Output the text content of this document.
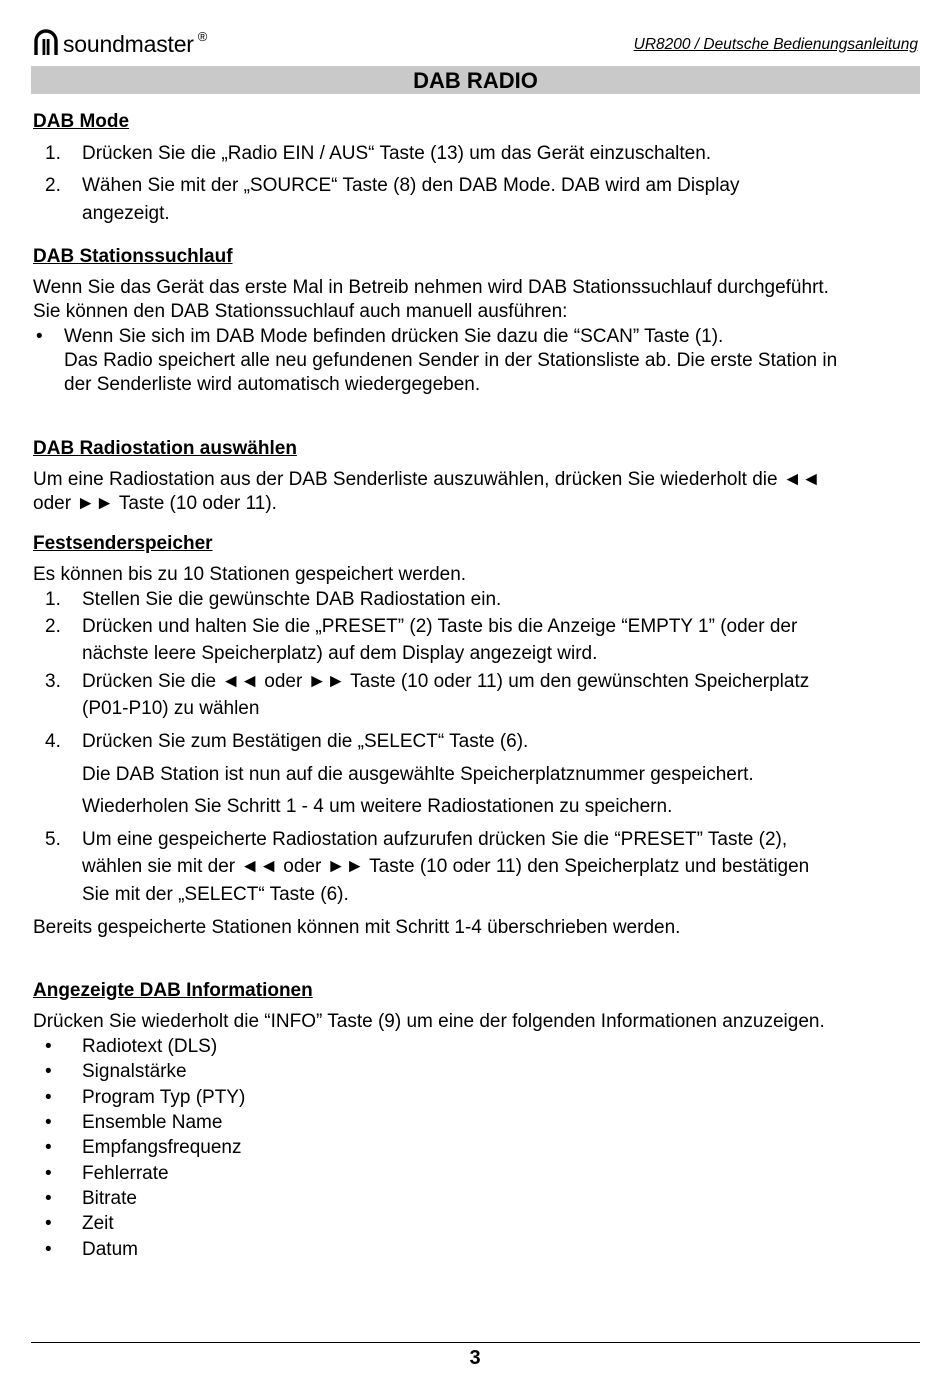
soundmaster ®	UR8200 / Deutsche Bedienungsanleitung
DAB RADIO
DAB Mode
1. Drücken Sie die „Radio EIN / AUS“ Taste (13) um das Gerät einzuschalten.
2. Wähen Sie mit der „SOURCE“ Taste (8) den DAB Mode. DAB wird am Display
angezeigt.
DAB Stationssuchlauf
Wenn Sie das Gerät das erste Mal in Betreib nehmen wird DAB Stationssuchlauf durchgeführt.
Sie können den DAB Stationssuchlauf auch manuell ausführen:
• Wenn Sie sich im DAB Mode befinden drücken Sie dazu die “SCAN” Taste (1).
Das Radio speichert alle neu gefundenen Sender in der Stationsliste ab. Die erste Station in
der Senderliste wird automatisch wiedergegeben.
DAB Radiostation auswählen
Um eine Radiostation aus der DAB Senderliste auszuwählen, drücken Sie wiederholt die ◄◄
oder ►► Taste (10 oder 11).
Festsenderspeicher
Es können bis zu 10 Stationen gespeichert werden.
1. Stellen Sie die gewünschte DAB Radiostation ein.
2. Drücken und halten Sie die „PRESET” (2) Taste bis die Anzeige “EMPTY 1” (oder der
nächste leere Speicherplatz) auf dem Display angezeigt wird.
3. Drücken Sie die ◄◄ oder ►► Taste (10 oder 11) um den gewünschten Speicherplatz
(P01-P10) zu wählen
4. Drücken Sie zum Bestätigen die „SELECT“ Taste (6).
Die DAB Station ist nun auf die ausgewählte Speicherplatznummer gespeichert.
Wiederholen Sie Schritt 1 - 4 um weitere Radiostationen zu speichern.
5. Um eine gespeicherte Radiostation aufzurufen drücken Sie die “PRESET” Taste (2),
wählen sie mit der ◄◄ oder ►► Taste (10 oder 11) den Speicherplatz und bestätigen
Sie mit der „SELECT“ Taste (6).
Bereits gespeicherte Stationen können mit Schritt 1-4 überschrieben werden.
Angezeigte DAB Informationen
Drücken Sie wiederholt die “INFO” Taste (9) um eine der folgenden Informationen anzuzeigen.
• Radiotext (DLS)
• Signalstärke
• Program Typ (PTY)
• Ensemble Name
• Empfangsfrequenz
• Fehlerrate
• Bitrate
• Zeit
• Datum
3
